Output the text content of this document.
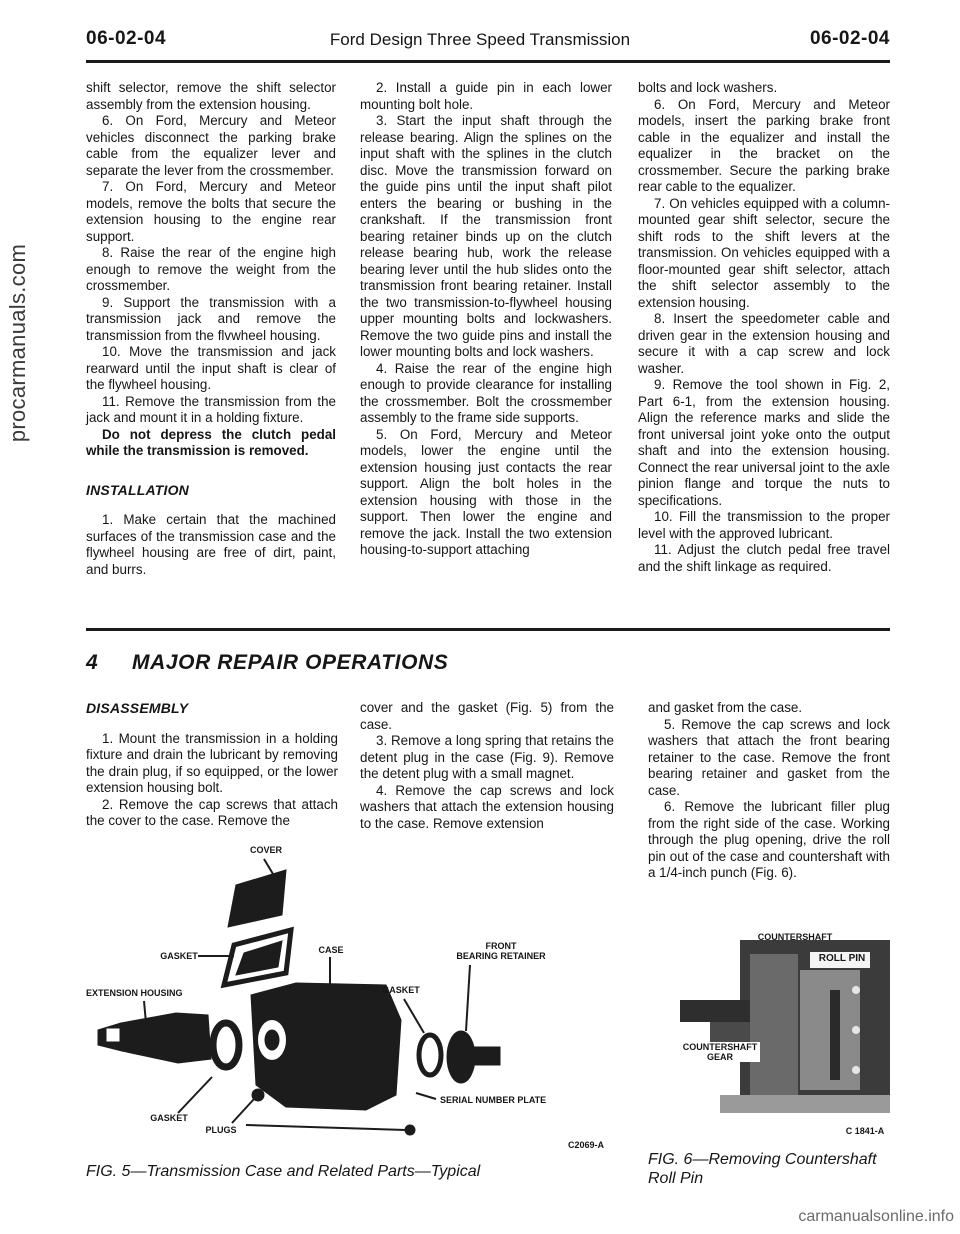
06-02-04	Ford Design Three Speed Transmission	06-02-04

shift selector, remove the shift selector assembly from the extension housing.

6. On Ford, Mercury and Meteor vehicles disconnect the parking brake cable from the equalizer lever and separate the lever from the crossmember.

7. On Ford, Mercury and Meteor models, remove the bolts that secure the extension housing to the engine rear support.

8. Raise the rear of the engine high enough to remove the weight from the crossmember.

9. Support the transmission with a transmission jack and remove the transmission from the flvwheel housing.

10. Move the transmission and jack rearward until the input shaft is clear of the flywheel housing.

11. Remove the transmission from the jack and mount it in a holding fixture.

Do not depress the clutch pedal while the transmission is removed.

INSTALLATION

1. Make certain that the machined surfaces of the transmission case and the flywheel housing are free of dirt, paint, and burrs.

2. Install a guide pin in each lower mounting bolt hole.

3. Start the input shaft through the release bearing. Align the splines on the input shaft with the splines in the clutch disc. Move the transmission forward on the guide pins until the input shaft pilot enters the bearing or bushing in the crankshaft. If the transmission front bearing retainer binds up on the clutch release bearing hub, work the release bearing lever until the hub slides onto the transmission front bearing retainer. Install the two transmission-to-flywheel housing upper mounting bolts and lockwashers. Remove the two guide pins and install the lower mounting bolts and lock washers.

4. Raise the rear of the engine high enough to provide clearance for installing the crossmember. Bolt the crossmember assembly to the frame side supports.

5. On Ford, Mercury and Meteor models, lower the engine until the extension housing just contacts the rear support. Align the bolt holes in the extension housing with those in the support. Then lower the engine and remove the jack. Install the two extension housing-to-support attaching

bolts and lock washers.

6. On Ford, Mercury and Meteor models, insert the parking brake front cable in the equalizer and install the equalizer in the bracket on the crossmember. Secure the parking brake rear cable to the equalizer.

7. On vehicles equipped with a column-mounted gear shift selector, secure the shift rods to the shift levers at the transmission. On vehicles equipped with a floor-mounted gear shift selector, attach the shift selector assembly to the extension housing.

8. Insert the speedometer cable and driven gear in the extension housing and secure it with a cap screw and lock washer.

9. Remove the tool shown in Fig. 2, Part 6-1, from the extension housing. Align the reference marks and slide the front universal joint yoke onto the output shaft and into the extension housing. Connect the rear universal joint to the axle pinion flange and torque the nuts to specifications.

10. Fill the transmission to the proper level with the approved lubricant.

11. Adjust the clutch pedal free travel and the shift linkage as required.

4 MAJOR REPAIR OPERATIONS
DISASSEMBLY

1. Mount the transmission in a holding fixture and drain the lubricant by removing the drain plug, if so equipped, or the lower extension housing bolt.

2. Remove the cap screws that attach the cover to the case. Remove the

cover and the gasket (Fig. 5) from the case.

3. Remove a long spring that retains the detent plug in the case (Fig. 9). Remove the detent plug with a small magnet.

4. Remove the cap screws and lock washers that attach the extension housing to the case. Remove extension

and gasket from the case.

5. Remove the cap screws and lock washers that attach the front bearing retainer to the case. Remove the front bearing retainer and gasket from the case.

6. Remove the lubricant filler plug from the right side of the case. Working through the plug opening, drive the roll pin out of the case and countershaft with a 1/4-inch punch (Fig. 6).

COVER
GASKET
CASE	FRONT
BEARING RETAINER
EXTENSION HOUSING	GASKET
GASKET
PLUGS
SERIAL NUMBER PLATE
C2069-A
FIG. 5—Transmission Case and Related Parts—Typical
COUNTERSHAFT
ROLL PIN
COUNTERSHAFT
GEAR
C 1841-A
FIG. 6—Removing Countershaft
Roll Pin
procarmanuals.com
carmanualsonline.info
